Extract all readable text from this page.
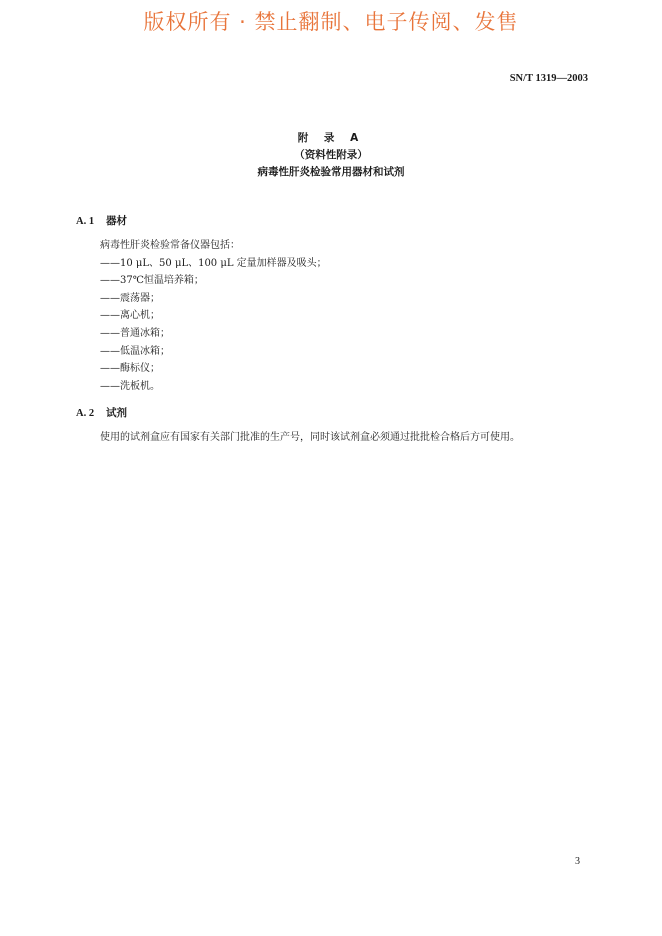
版权所有 · 禁止翻制、电子传阅、发售
SN/T 1319—2003
附 录 A
（资料性附录）
病毒性肝炎检验常用器材和试剂
A. 1 器材
病毒性肝炎检验常备仪器包括：
——10 μL、50 μL、100 μL 定量加样器及吸头；
——37℃恒温培养箱；
——震荡器；
——离心机；
——普通冰箱；
——低温冰箱；
——酶标仪；
——洗板机。
A. 2 试剂
使用的试剂盒应有国家有关部门批准的生产号，同时该试剂盒必须通过批批检合格后方可使用。
3
